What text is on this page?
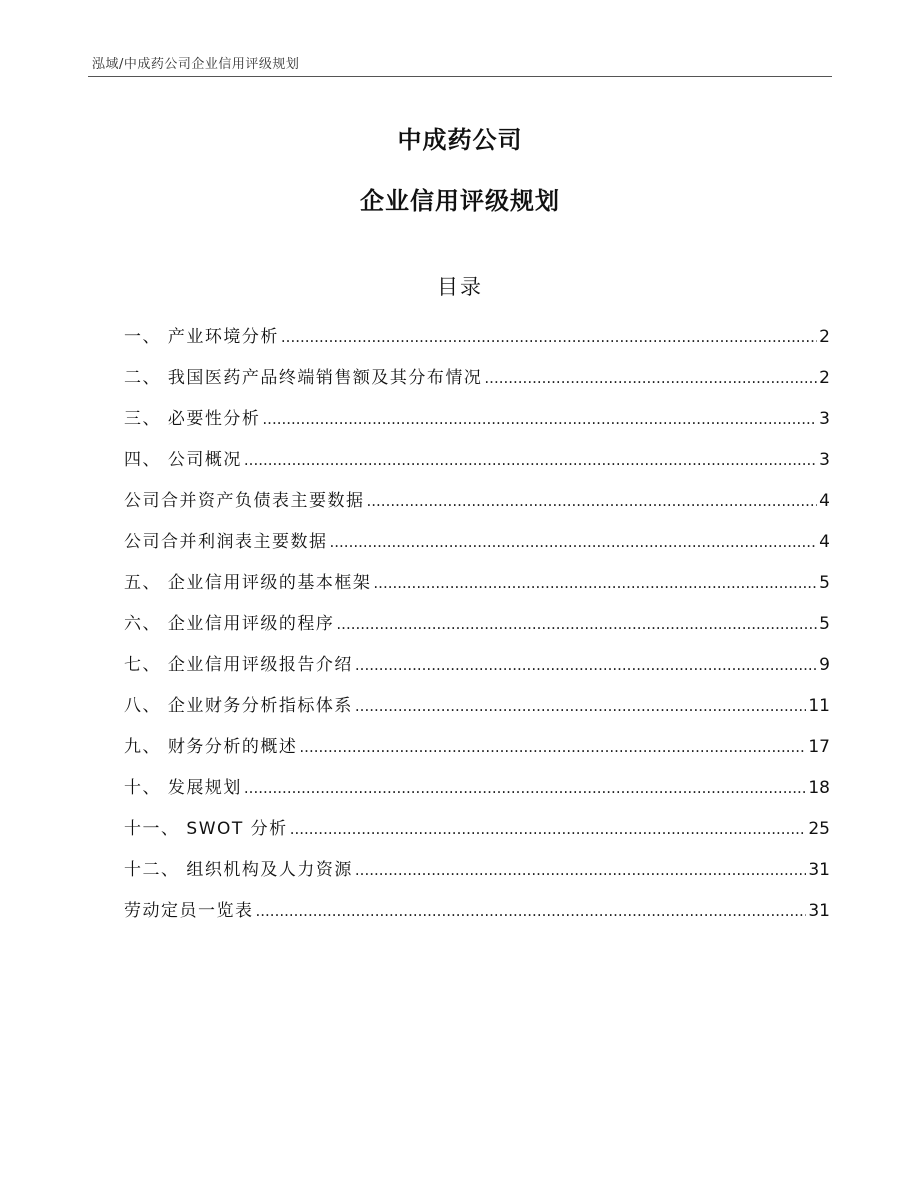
泓域/中成药公司企业信用评级规划
中成药公司
企业信用评级规划
目录
一、 产业环境分析 .....	2
二、 我国医药产品终端销售额及其分布情况 .....	2
三、 必要性分析 .....	3
四、 公司概况 .....	3
公司合并资产负债表主要数据 .....	4
公司合并利润表主要数据 .....	4
五、 企业信用评级的基本框架 .....	5
六、 企业信用评级的程序 .....	5
七、 企业信用评级报告介绍 .....	9
八、 企业财务分析指标体系 .....	11
九、 财务分析的概述 .....	17
十、 发展规划 .....	18
十一、 SWOT 分析 .....	25
十二、 组织机构及人力资源 .....	31
劳动定员一览表 .....	31
